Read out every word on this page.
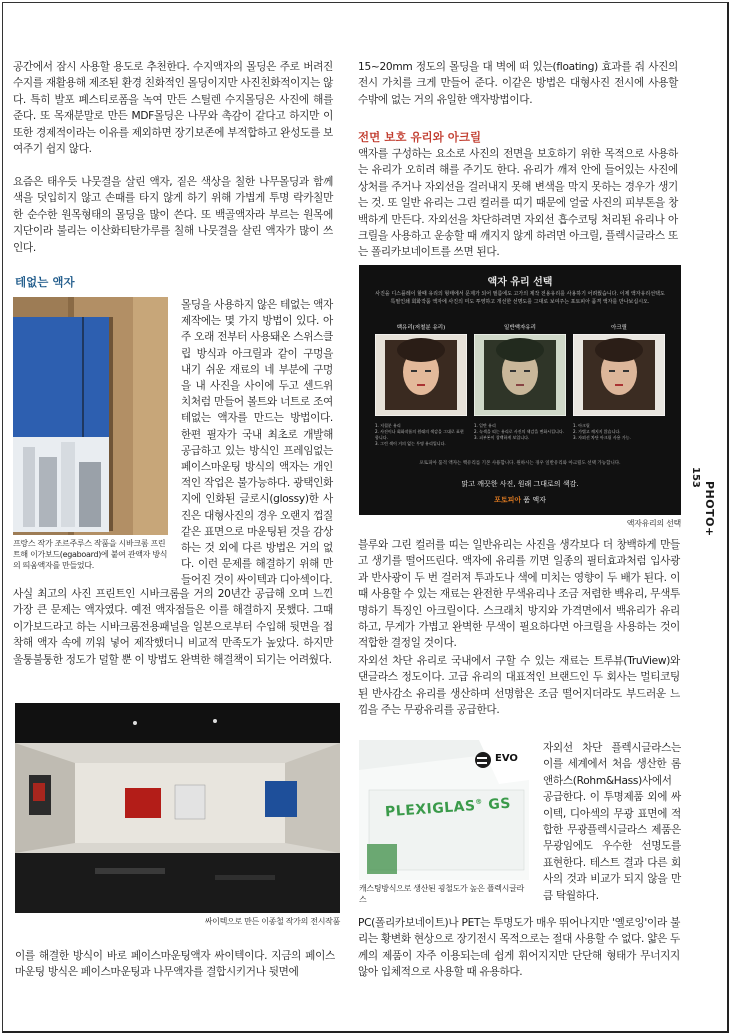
공간에서 잠시 사용할 용도로 추천한다. 수지액자의 몰딩은 주로 버려진 수지를 재활용해 제조된 환경 친화적인 몰딩이지만 사진친화적이지는 않다. 특히 발포 폐스티로폼을 녹여 만든 스틸렌 수지몰딩은 사진에 해를 준다. 또 목재분말로 만든 MDF몰딩은 나무와 촉감이 같다고 하지만 이 또한 경제적이라는 이유를 제외하면 장기보존에 부적합하고 완성도를 보여주기 쉽지 않다.
요즘은 태우듯 나뭇결을 살린 액자, 짙은 색상을 칠한 나무몰딩과 함께 색을 덧입히지 않고 손때를 타지 않게 하기 위해 가볍게 투명 락카칠만 한 순수한 원목형태의 몰딩을 많이 쓴다. 또 백골액자라 부르는 원목에 지단이라 불리는 이산화티탄가루를 칠해 나뭇결을 살린 액자가 많이 쓰인다.
테없는 액자
프랑스 작가 조르주루스 작품을 시바크롬 프린트해 이가보드(egaboard)에 붙여 관액자 방식의 띄움액자를 만들었다.
몰딩을 사용하지 않은 테없는 액자 제작에는 몇 가지 방법이 있다. 아주 오래 전부터 사용돼온 스위스클립 방식과 아크릴과 같이 구멍을 내기 쉬운 재료의 네 부분에 구멍을 내 사진을 사이에 두고 센드위치처럼 만들어 볼트와 너트로 조여 테없는 액자를 만드는 방법이다. 한편 필자가 국내 최초로 개발해 공급하고 있는 방식인 프레임없는 페이스마운팅 방식의 액자는 개인적인 작업은 불가능하다. 광택인화지에 인화된 글로시(glossy)한 사진은 대형사진의 경우 오랜지 껍질 같은 표면으로 마운팅된 것을 감상하는 것 외에 다른 방법은 거의 없다. 이런 문제를 해결하기 위해 만들어진 것이 싸이텍과 디아섹이다.
사실 최고의 사진 프린트인 시바크롬을 거의 20년간 공급해 오며 느낀 가장 큰 문제는 액자였다. 예전 액자점들은 이를 해결하지 못했다. 그때 이가보드라고 하는 시바크롬전용패널을 일본으로부터 수입해 뒷면을 접착해 액자 속에 끼워 넣어 제작했더니 비교적 만족도가 높았다. 하지만 울퉁불퉁한 정도가 덜할 뿐 이 방법도 완벽한 해결책이 되기는 어려웠다.
싸이텍으로 만든 이종철 작가의 전시작품
이를 해결한 방식이 바로 페이스마운팅액자 싸이텍이다. 지금의 페이스 마운팅 방식은 페이스마운팅과 나무액자를 결합시키거나 뒷면에
15~20mm 정도의 몰딩을 대 벽에 떠 있는(floating) 효과를 줘 사진의 전시 가치를 크게 만들어 준다. 이같은 방법은 대형사진 전시에 사용할 수밖에 없는 거의 유일한 액자방법이다.
전면 보호 유리와 아크릴
액자를 구성하는 요소로 사진의 전면을 보호하기 위한 목적으로 사용하는 유리가 오히려 해를 주기도 한다. 유리가 깨져 안에 들어있는 사진에 상처를 주거나 자외선을 걸러내지 못해 변색을 막지 못하는 경우가 생기는 것. 또 일반 유리는 그린 컬러를 띠기 때문에 얼굴 사진의 피부톤을 창백하게 만든다. 자외선을 차단하려면 자외선 흡수코팅 처리된 유리나 아크릴을 사용하고 운송할 때 깨지지 않게 하려면 아크릴, 플렉시글라스 또는 폴리카보네이트를 쓰면 된다.
액자 유리 선택
사진을 디스플레이 할때 유리의 형태에서 문제가 되어 필름에도 고가의 제작 전용유리를 사용하기 어려웠습니다. 이제 액자유리선택도 특필인쇄 회화작품 액자에 사진의 미도 투영하고 개선한 선명도를 그대로 보여주는 포토피아 품격 액자를 만나보십시오.
백유리(저철분 유리)
1. 저철분 유리
2. 사진이나 회화작품의 원래의 색감을 그대로 표현합니다.
3. 그린 색이 거의 없는 투명 유리입니다.
일반액자유리
1. 일반 유리
2. 녹색을 띠는 유리로 사진의 색감을 변화시킵니다.
3. 피부톤이 창백하게 보입니다.
아크릴
1. 아크릴
2. 가볍고 깨지지 않습니다.
3. 자외선 차단 아크릴 사용 가능.
포토피아 품격 액자는 백유리를 기본 사용합니다. 원하시는 경우 일반유리와 아크릴도 선택 가능합니다.
맑고 깨끗한 사진, 원래 그대로의 색감.
포토피아 품 액자
액자유리의 선택
블루와 그린 컬러를 띠는 일반유리는 사진을 생각보다 더 창백하게 만들고 생기를 떨어뜨린다. 액자에 유리를 끼면 일종의 필터효과처럼 입사광과 반사광이 두 번 걸러져 투과도나 색에 미치는 영향이 두 배가 된다. 이때 사용할 수 있는 재료는 완전한 무색유리나 조금 저렴한 백유리, 무색투명하기 특징인 아크릴이다. 스크래치 방지와 가격면에서 백유리가 유리하고, 무게가 가볍고 완벽한 무색이 필요하다면 아크릴을 사용하는 것이 적합한 결정일 것이다.
자외선 차단 유리로 국내에서 구할 수 있는 재료는 트루뷰(TruView)와 댄글라스 정도이다. 고급 유리의 대표적인 브랜드인 두 회사는 멀티코팅된 반사감소 유리를 생산하며 선명함은 조금 떨어지더라도 부드러운 느낌을 주는 무광유리를 공급한다.
EVO
PLEXIGLAS® GS
캐스팅방식으로 생산된 굉철도가 높은 플렉시글라스
자외선 차단 플렉시글라스는 이를 세계에서 처음 생산한 롬앤하스(Rohm&Hass)사에서 공급한다. 이 투명제품 외에 싸이텍, 디아섹의 무광 표면에 적합한 무광플렉시글라스 제품은 무광임에도 우수한 선명도를 표현한다. 테스트 결과 다른 회사의 것과 비교가 되지 않을 만큼 탁월하다.
PC(폴리카보네이트)나 PET는 투명도가 매우 뛰어나지만 '옐로잉'이라 불리는 황변화 현상으로 장기전시 목적으로는 절대 사용할 수 없다. 얇은 두께의 제품이 자주 이용되는데 쉽게 휘어지지만 단단해 형태가 무너지지 않아 입체적으로 사용할 때 유용하다.
153
PHOTO+
